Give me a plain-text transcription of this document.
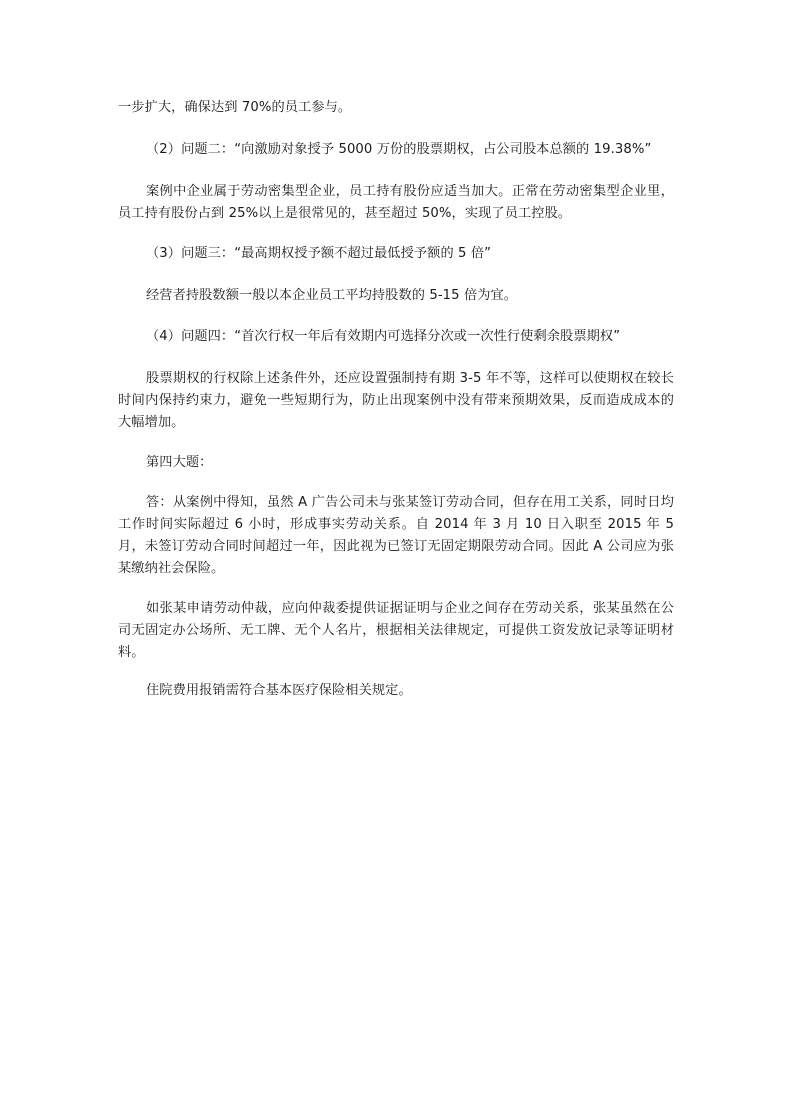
一步扩大，确保达到 70%的员工参与。

（2）问题二：“向激励对象授予 5000 万份的股票期权，占公司股本总额的 19.38%”

案例中企业属于劳动密集型企业，员工持有股份应适当加大。正常在劳动密集型企业里，员工持有股份占到 25%以上是很常见的，甚至超过 50%，实现了员工控股。

（3）问题三：“最高期权授予额不超过最低授予额的 5 倍”

经营者持股数额一般以本企业员工平均持股数的 5-15 倍为宜。

（4）问题四：“首次行权一年后有效期内可选择分次或一次性行使剩余股票期权”

股票期权的行权除上述条件外，还应设置强制持有期 3-5 年不等，这样可以使期权在较长时间内保持约束力，避免一些短期行为，防止出现案例中没有带来预期效果，反而造成成本的大幅增加。

第四大题：

答：从案例中得知，虽然 A 广告公司未与张某签订劳动合同，但存在用工关系，同时日均工作时间实际超过 6 小时，形成事实劳动关系。自 2014 年 3 月 10 日入职至 2015 年 5 月，未签订劳动合同时间超过一年，因此视为已签订无固定期限劳动合同。因此 A 公司应为张某缴纳社会保险。

如张某申请劳动仲裁，应向仲裁委提供证据证明与企业之间存在劳动关系，张某虽然在公司无固定办公场所、无工牌、无个人名片，根据相关法律规定，可提供工资发放记录等证明材料。

住院费用报销需符合基本医疗保险相关规定。
